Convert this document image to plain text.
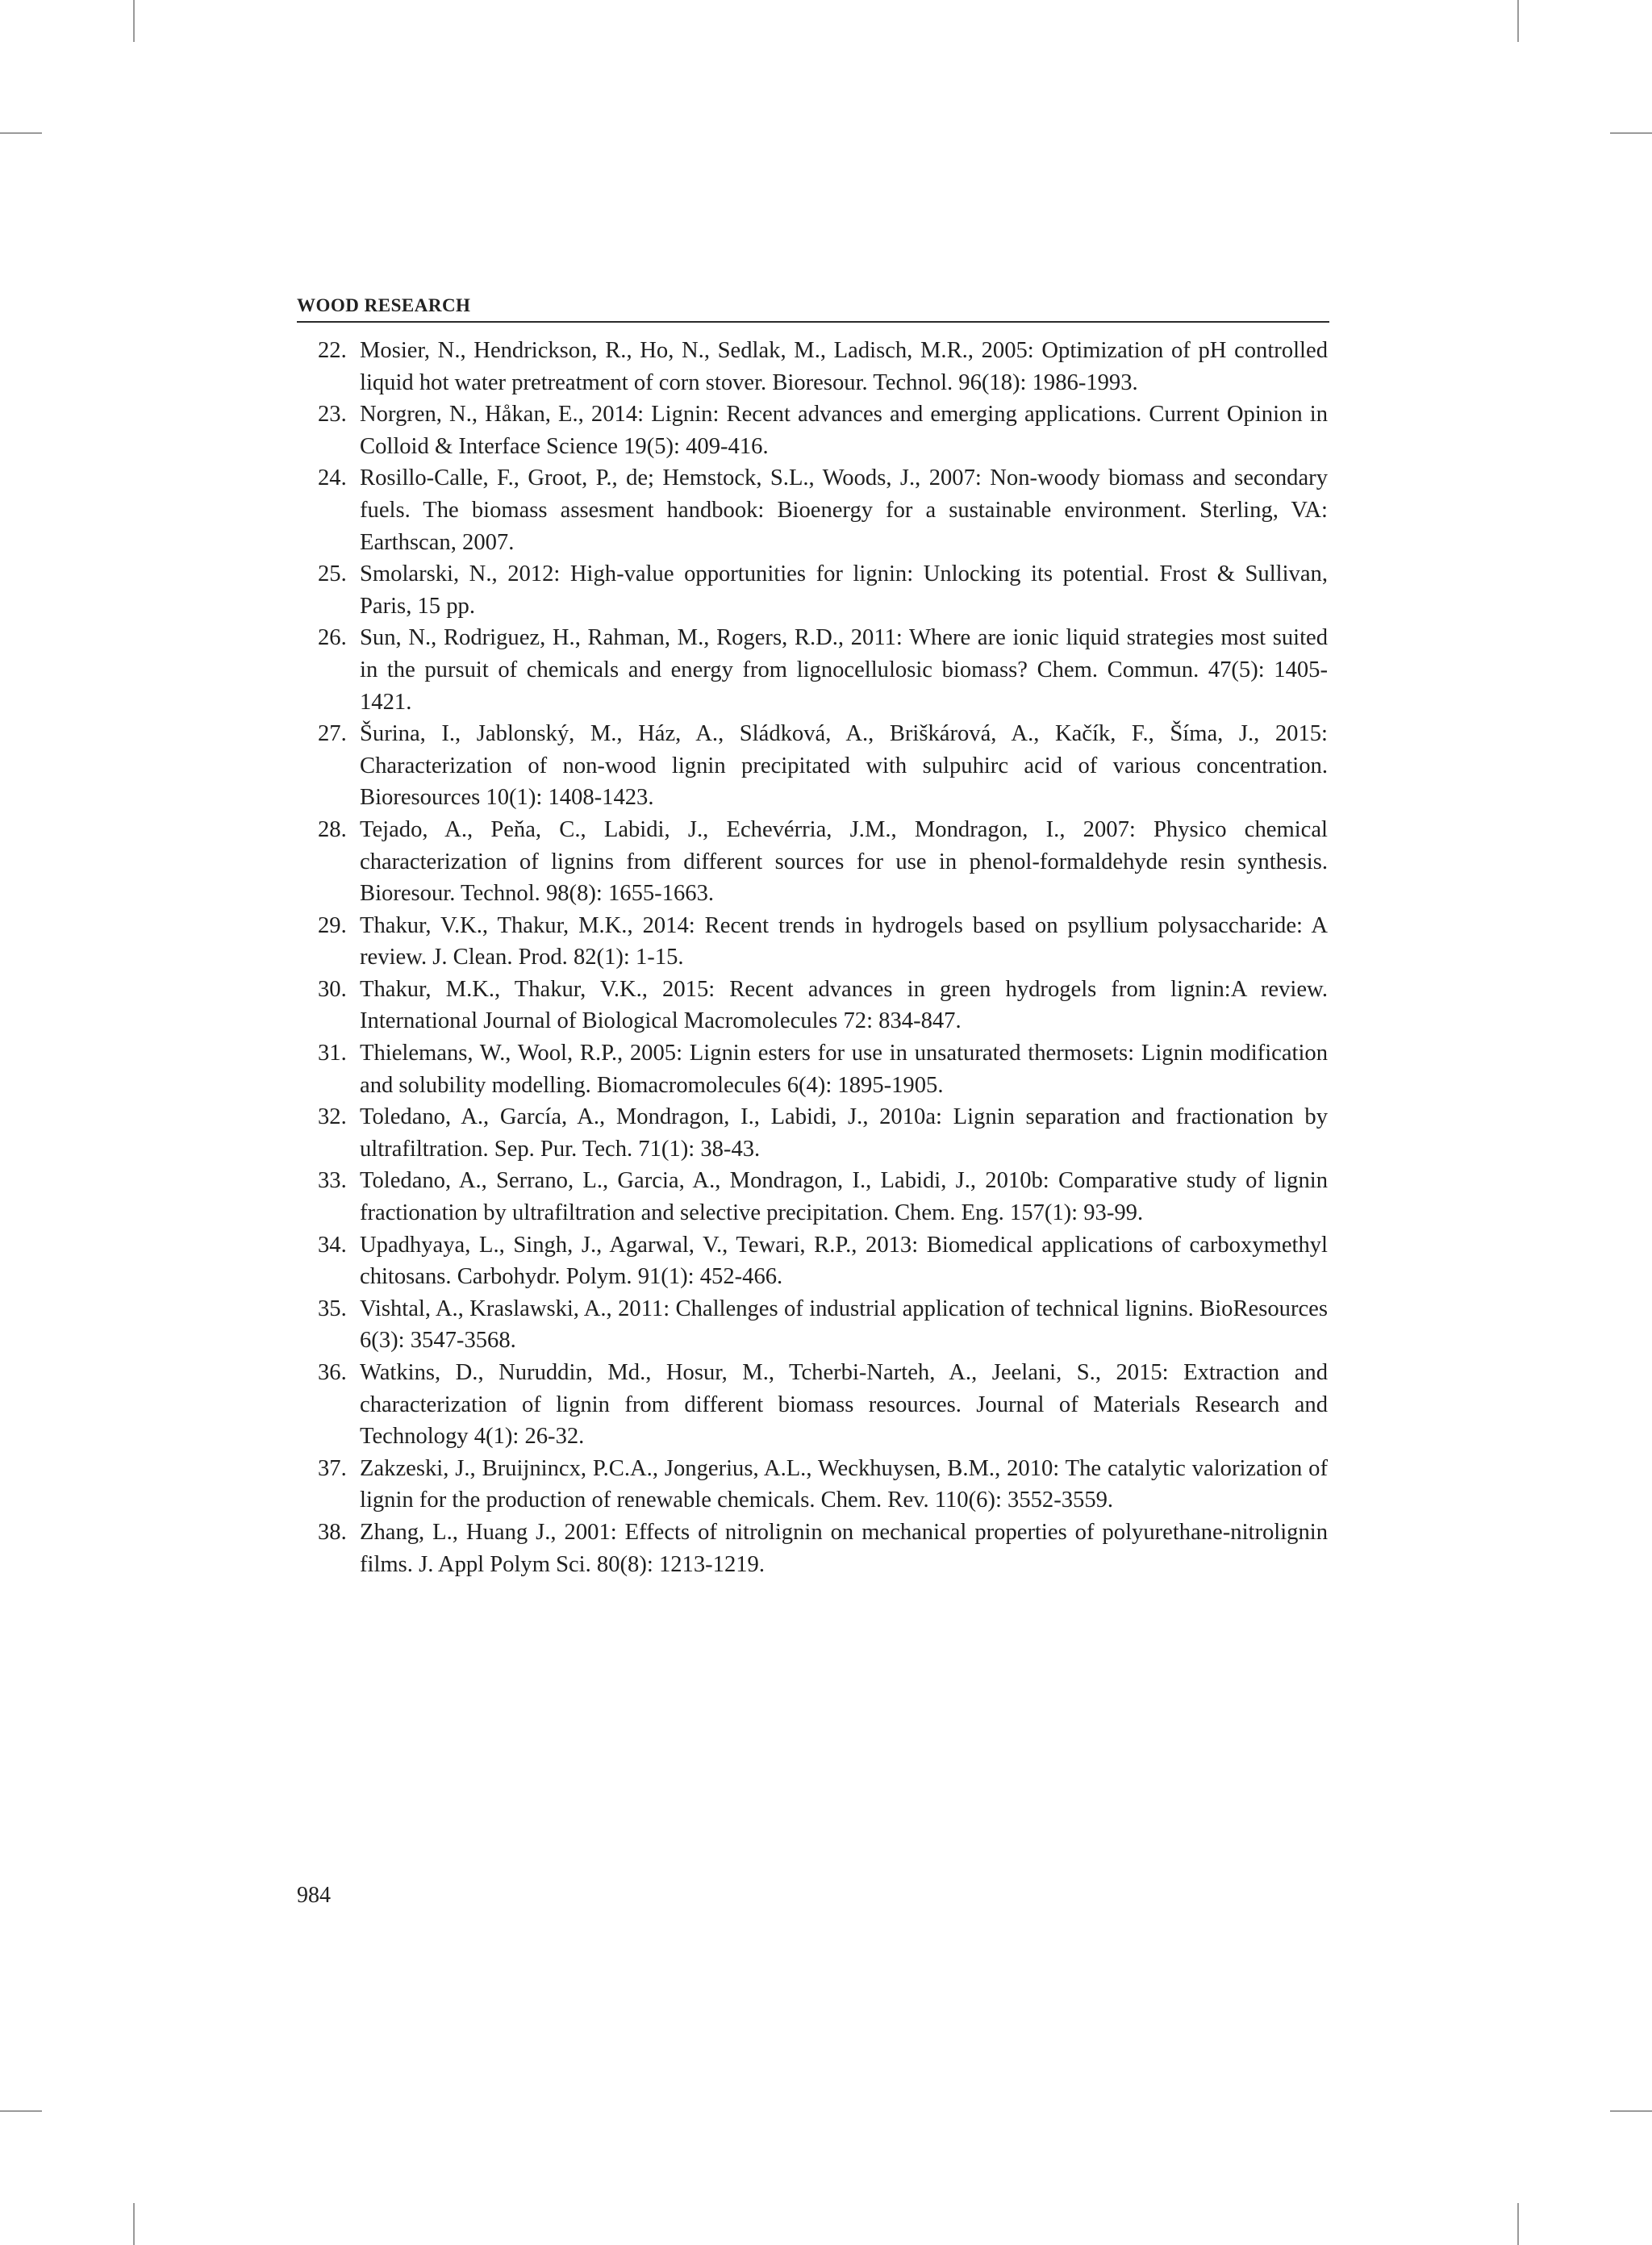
WOOD RESEARCH
22. Mosier, N., Hendrickson, R., Ho, N., Sedlak, M., Ladisch, M.R., 2005: Optimization of pH controlled liquid hot water pretreatment of corn stover. Bioresour. Technol. 96(18): 1986-1993.
23. Norgren, N., Håkan, E., 2014: Lignin: Recent advances and emerging applications. Current Opinion in Colloid & Interface Science 19(5): 409-416.
24. Rosillo-Calle, F., Groot, P., de; Hemstock, S.L., Woods, J., 2007: Non-woody biomass and secondary fuels. The biomass assesment handbook: Bioenergy for a sustainable environment. Sterling, VA: Earthscan, 2007.
25. Smolarski, N., 2012: High-value opportunities for lignin: Unlocking its potential. Frost & Sullivan, Paris, 15 pp.
26. Sun, N., Rodriguez, H., Rahman, M., Rogers, R.D., 2011: Where are ionic liquid strategies most suited in the pursuit of chemicals and energy from lignocellulosic biomass? Chem. Commun. 47(5): 1405-1421.
27. Šurina, I., Jablonský, M., Ház, A., Sládková, A., Briškárová, A., Kačík, F., Šíma, J., 2015: Characterization of non-wood lignin precipitated with sulpuhirc acid of various concentration. Bioresources 10(1): 1408-1423.
28. Tejado, A., Peňa, C., Labidi, J., Echevérria, J.M., Mondragon, I., 2007: Physico chemical characterization of lignins from different sources for use in phenol-formaldehyde resin synthesis. Bioresour. Technol. 98(8): 1655-1663.
29. Thakur, V.K., Thakur, M.K., 2014: Recent trends in hydrogels based on psyllium polysaccharide: A review. J. Clean. Prod. 82(1): 1-15.
30. Thakur, M.K., Thakur, V.K., 2015: Recent advances in green hydrogels from lignin:A review. International Journal of Biological Macromolecules 72: 834-847.
31. Thielemans, W., Wool, R.P., 2005: Lignin esters for use in unsaturated thermosets: Lignin modification and solubility modelling. Biomacromolecules 6(4): 1895-1905.
32. Toledano, A., García, A., Mondragon, I., Labidi, J., 2010a: Lignin separation and fractionation by ultrafiltration. Sep. Pur. Tech. 71(1): 38-43.
33. Toledano, A., Serrano, L., Garcia, A., Mondragon, I., Labidi, J., 2010b: Comparative study of lignin fractionation by ultrafiltration and selective precipitation. Chem. Eng. 157(1): 93-99.
34. Upadhyaya, L., Singh, J., Agarwal, V., Tewari, R.P., 2013: Biomedical applications of carboxymethyl chitosans. Carbohydr. Polym. 91(1): 452-466.
35. Vishtal, A., Kraslawski, A., 2011: Challenges of industrial application of technical lignins. BioResources 6(3): 3547-3568.
36. Watkins, D., Nuruddin, Md., Hosur, M., Tcherbi-Narteh, A., Jeelani, S., 2015: Extraction and characterization of lignin from different biomass resources. Journal of Materials Research and Technology 4(1): 26-32.
37. Zakzeski, J., Bruijnincx, P.C.A., Jongerius, A.L., Weckhuysen, B.M., 2010: The catalytic valorization of lignin for the production of renewable chemicals. Chem. Rev. 110(6): 3552-3559.
38. Zhang, L., Huang J., 2001: Effects of nitrolignin on mechanical properties of polyurethane-nitrolignin films. J. Appl Polym Sci. 80(8): 1213-1219.
984
